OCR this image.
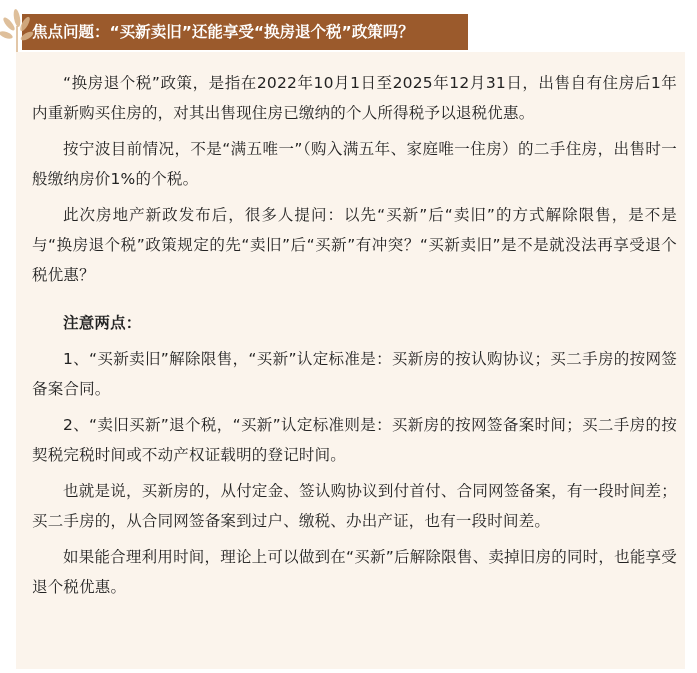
“换房退个税”政策，是指在2022年10月1日至2025年12月31日，出售自有住房后1年内重新购买住房的，对其出售现住房已缴纳的个人所得税予以退税优惠。

按宁波目前情况，不是“满五唯一”（购入满五年、家庭唯一住房）的二手住房，出售时一般缴纳房价1%的个税。

此次房地产新政发布后，很多人提问：以先“买新”后“卖旧”的方式解除限售，是不是与“换房退个税”政策规定的先“卖旧”后“买新”有冲突？“买新卖旧”是不是就没法再享受退个税优惠？

注意两点：

1、“买新卖旧”解除限售，“买新”认定标准是：买新房的按认购协议；买二手房的按网签备案合同。

2、“卖旧买新”退个税，“买新”认定标准则是：买新房的按网签备案时间；买二手房的按契税完税时间或不动产权证载明的登记时间。

也就是说，买新房的，从付定金、签认购协议到付首付、合同网签备案，有一段时间差；买二手房的，从合同网签备案到过户、缴税、办出产证，也有一段时间差。

如果能合理利用时间，理论上可以做到在“买新”后解除限售、卖掉旧房的同时，也能享受退个税优惠。

焦点问题：“买新卖旧”还能享受“换房退个税”政策吗？
